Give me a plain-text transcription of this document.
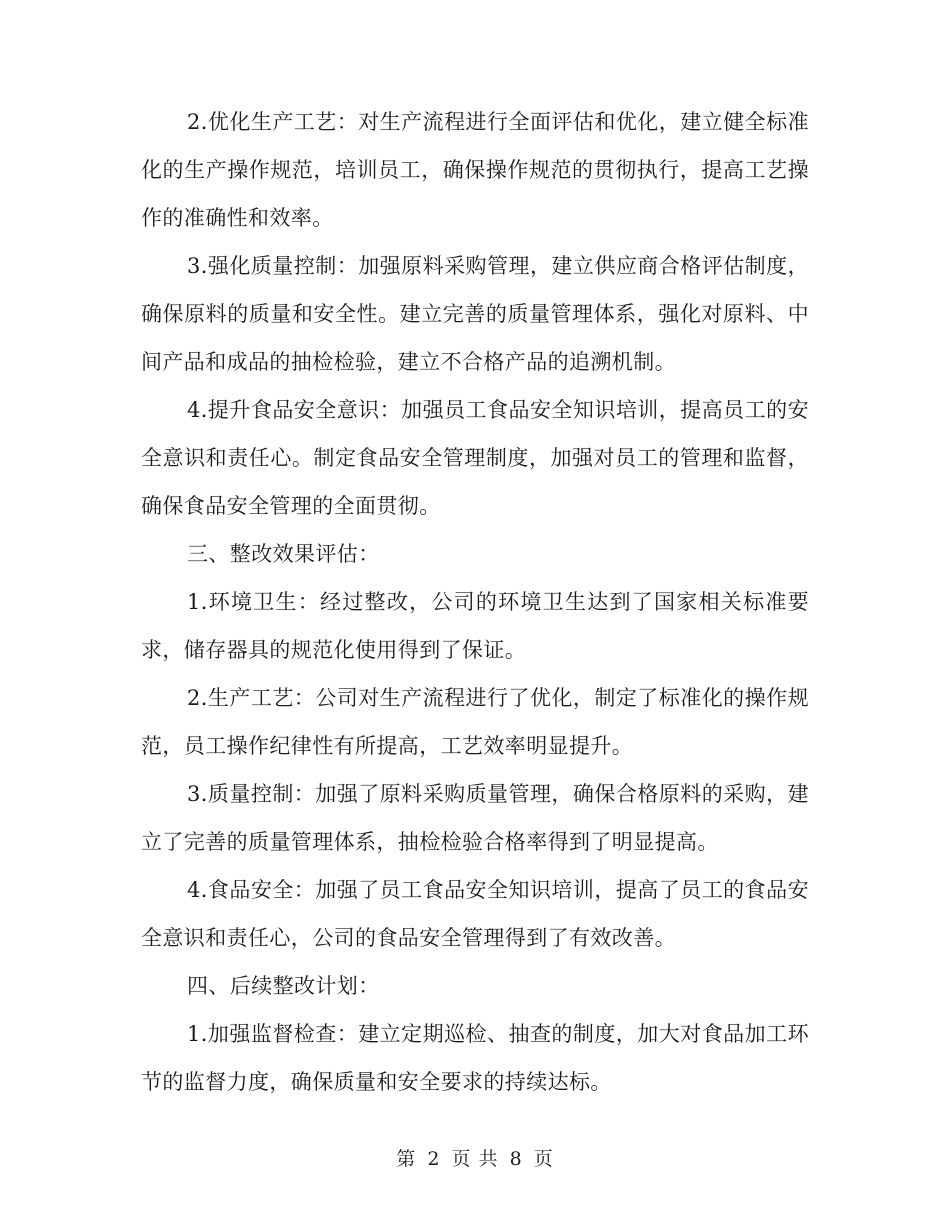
2.优化生产工艺：对生产流程进行全面评估和优化，建立健全标准化的生产操作规范，培训员工，确保操作规范的贯彻执行，提高工艺操作的准确性和效率。

3.强化质量控制：加强原料采购管理，建立供应商合格评估制度，确保原料的质量和安全性。建立完善的质量管理体系，强化对原料、中间产品和成品的抽检检验，建立不合格产品的追溯机制。

4.提升食品安全意识：加强员工食品安全知识培训，提高员工的安全意识和责任心。制定食品安全管理制度，加强对员工的管理和监督，确保食品安全管理的全面贯彻。

三、整改效果评估：

1.环境卫生：经过整改，公司的环境卫生达到了国家相关标准要求，储存器具的规范化使用得到了保证。

2.生产工艺：公司对生产流程进行了优化，制定了标准化的操作规范，员工操作纪律性有所提高，工艺效率明显提升。

3.质量控制：加强了原料采购质量管理，确保合格原料的采购，建立了完善的质量管理体系，抽检检验合格率得到了明显提高。

4.食品安全：加强了员工食品安全知识培训，提高了员工的食品安全意识和责任心，公司的食品安全管理得到了有效改善。

四、后续整改计划：

1.加强监督检查：建立定期巡检、抽查的制度，加大对食品加工环节的监督力度，确保质量和安全要求的持续达标。

第 2 页 共 8 页
